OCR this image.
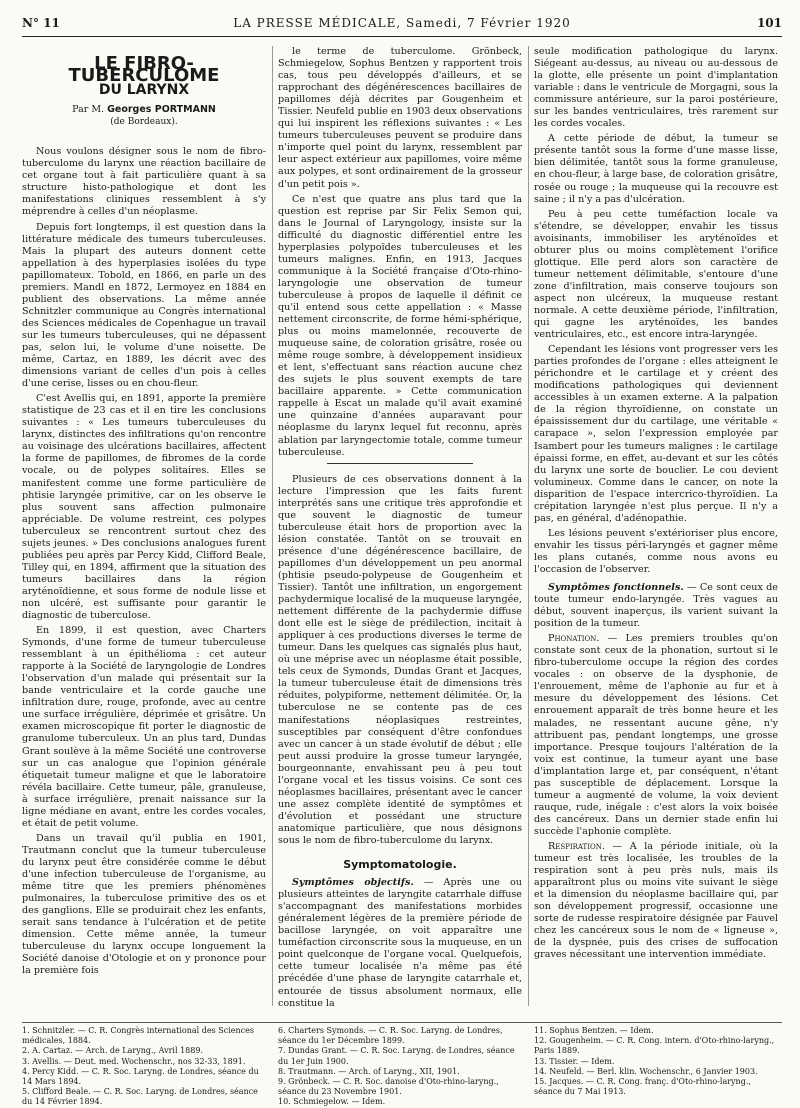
N° 11	LA PRESSE MÉDICALE, Samedi, 7 Février 1920	101
LE FIBRO-TUBERCULOME
DU LARYNX
Par M. Georges PORTMANN
(de Bordeaux).

Nous voulons désigner sous le nom de fibro-tuberculome du larynx une réaction bacillaire de cet organe tout à fait particulière quant à sa structure histo-pathologique et dont les manifestations cliniques ressemblent à s'y méprendre à celles d'un néoplasme.

Depuis fort longtemps, il est question dans la littérature médicale des tumeurs tuberculeuses. Mais la plupart des auteurs donnent cette appellation à des hyperplasies isolées du type papillomateux. Tobold, en 1866, en parle un des premiers. Mandl en 1872, Lermoyez en 1884 en publient des observations. La même année Schnitzler communique au Congrès international des Sciences médicales de Copenhague un travail sur les tumeurs tuberculeuses, qui ne dépassent pas, selon lui, le volume d'une noisette. De même, Cartaz, en 1889, les décrit avec des dimensions variant de celles d'un pois à celles d'une cerise, lisses ou en chou-fleur.

C'est Avellis qui, en 1891, apporte la première statistique de 23 cas et il en tire les conclusions suivantes : « Les tumeurs tuberculeuses du larynx, distinctes des infiltrations qu'on rencontre au voisinage des ulcérations bacillaires, affectent la forme de papillomes, de fibromes de la corde vocale, ou de polypes solitaires. Elles se manifestent comme une forme particulière de phtisie laryngée primitive, car on les observe le plus souvent sans affection pulmonaire appréciable. De volume restreint, ces polypes tuberculeux se rencontrent surtout chez des sujets jeunes. » Des conclusions analogues furent publiées peu après par Percy Kidd, Clifford Beale, Tilley qui, en 1894, affirment que la situation des tumeurs bacillaires dans la région aryténoïdienne, et sous forme de nodule lisse et non ulcéré, est suffisante pour garantir le diagnostic de tuberculose.

En 1899, il est question, avec Charters Symonds, d'une forme de tumeur tuberculeuse ressemblant à un épithélioma : cet auteur rapporte à la Société de laryngologie de Londres l'observation d'un malade qui présentait sur la bande ventriculaire et la corde gauche une infiltration dure, rouge, profonde, avec au centre une surface irrégulière, déprimée et grisâtre. Un examen microscopique fit porter le diagnostic de granulome tuberculeux. Un an plus tard, Dundas Grant soulève à la même Société une controverse sur un cas analogue que l'opinion générale étiquetait tumeur maligne et que le laboratoire révéla bacillaire. Cette tumeur, pâle, granuleuse, à surface irrégulière, prenait naissance sur la ligne médiane en avant, entre les cordes vocales, et était de petit volume.

Dans un travail qu'il publia en 1901, Trautmann conclut que la tumeur tuberculeuse du larynx peut être considérée comme le début d'une infection tuberculeuse de l'organisme, au même titre que les premiers phénomènes pulmonaires, la tuberculose primitive des os et des ganglions. Elle se produirait chez les enfants, serait sans tendance à l'ulcération et de petite dimension. Cette même année, la tumeur tuberculeuse du larynx occupe longuement la Société danoise d'Otologie et on y prononce pour la première fois

le terme de tuberculome. Grönbeck, Schmiegelow, Sophus Bentzen y rapportent trois cas, tous peu développés d'ailleurs, et se rapprochant des dégénérescences bacillaires de papillomes déjà décrites par Gougenheim et Tissier. Neufeld publie en 1903 deux observations qui lui inspirent les réflexions suivantes : « Les tumeurs tuberculeuses peuvent se produire dans n'importe quel point du larynx, ressemblent par leur aspect extérieur aux papillomes, voire même aux polypes, et sont ordinairement de la grosseur d'un petit pois ».

Ce n'est que quatre ans plus tard que la question est reprise par Sir Felix Semon qui, dans le Journal of Laryngology, insiste sur la difficulté du diagnostic différentiel entre les hyperplasies polypoïdes tuberculeuses et les tumeurs malignes. Enfin, en 1913, Jacques communique à la Société française d'Oto-rhino-laryngologie une observation de tumeur tuberculeuse à propos de laquelle il définit ce qu'il entend sous cette appellation : « Masse nettement circonscrite, de forme hémi-sphérique, plus ou moins mamelonnée, recouverte de muqueuse saine, de coloration grisâtre, rosée ou même rouge sombre, à développement insidieux et lent, s'effectuant sans réaction aucune chez des sujets le plus souvent exempts de tare bacillaire apparente. » Cette communication rappelle à Escat un malade qu'il avait examiné une quinzaine d'années auparavant pour néoplasme du larynx lequel fut reconnu, après ablation par laryngectomie totale, comme tumeur tuberculeuse.

Plusieurs de ces observations donnent à la lecture l'impression que les faits furent interprétés sans une critique très approfondie et que souvent le diagnostic de tumeur tuberculeuse était hors de proportion avec la lésion constatée. Tantôt on se trouvait en présence d'une dégénérescence bacillaire, de papillomes d'un développement un peu anormal (phtisie pseudo-polypeuse de Gougenheim et Tissier). Tantôt une infiltration, un engorgement pachydermique localisé de la muqueuse laryngée, nettement différente de la pachydermie diffuse dont elle est le siège de prédilection, incitait à appliquer à ces productions diverses le terme de tumeur. Dans les quelques cas signalés plus haut, où une méprise avec un néoplasme était possible, tels ceux de Symonds, Dundas Grant et Jacques, la tumeur tuberculeuse était de dimensions très réduites, polypiforme, nettement délimitée. Or, la tuberculose ne se contente pas de ces manifestations néoplasiques restreintes, susceptibles par conséquent d'être confondues avec un cancer à un stade évolutif de début ; elle peut aussi produire la grosse tumeur laryngée, bourgeonnante, envahissant peu à peu tout l'organe vocal et les tissus voisins. Ce sont ces néoplasmes bacillaires, présentant avec le cancer une assez complète identité de symptômes et d'évolution et possédant une structure anatomique particulière, que nous désignons sous le nom de fibro-tuberculome du larynx.

Symptomatologie.

Symptômes objectifs. — Après une ou plusieurs atteintes de laryngite catarrhale diffuse s'accompagnant des manifestations morbides généralement légères de la première période de bacillose laryngée, on voit apparaître une tuméfaction circonscrite sous la muqueuse, en un point quelconque de l'organe vocal. Quelquefois, cette tumeur localisée n'a même pas été précédée d'une phase de laryngite catarrhale et, entourée de tissus absolument normaux, elle constitue la

seule modification pathologique du larynx. Siégeant au-dessus, au niveau ou au-dessous de la glotte, elle présente un point d'implantation variable : dans le ventricule de Morgagni, sous la commissure antérieure, sur la paroi postérieure, sur les bandes ventriculaires, très rarement sur les cordes vocales.

A cette période de début, la tumeur se présente tantôt sous la forme d'une masse lisse, bien délimitée, tantôt sous la forme granuleuse, en chou-fleur, à large base, de coloration grisâtre, rosée ou rouge ; la muqueuse qui la recouvre est saine ; il n'y a pas d'ulcération.

Peu à peu cette tuméfaction locale va s'étendre, se développer, envahir les tissus avoisinants, immobiliser les aryténoïdes et obturer plus ou moins complètement l'orifice glottique. Elle perd alors son caractère de tumeur nettement délimitable, s'entoure d'une zone d'infiltration, mais conserve toujours son aspect non ulcéreux, la muqueuse restant normale. A cette deuxième période, l'infiltration, qui gagne les aryténoïdes, les bandes ventriculaires, etc., est encore intra-laryngée.

Cependant les lésions vont progresser vers les parties profondes de l'organe : elles atteignent le périchondre et le cartilage et y créent des modifications pathologiques qui deviennent accessibles à un examen externe. A la palpation de la région thyroïdienne, on constate un épaississement dur du cartilage, une véritable « carapace », selon l'expression employée par Isambert pour les tumeurs malignes : le cartilage épaissi forme, en effet, au-devant et sur les côtés du larynx une sorte de bouclier. Le cou devient volumineux. Comme dans le cancer, on note la disparition de l'espace intercrico-thyroïdien. La crépitation laryngée n'est plus perçue. Il n'y a pas, en général, d'adénopathie.

Les lésions peuvent s'extérioriser plus encore, envahir les tissus péri-laryngés et gagner même les plans cutanés, comme nous avons eu l'occasion de l'observer.

Symptômes fonctionnels. — Ce sont ceux de toute tumeur endo-laryngée. Très vagues au début, souvent inaperçus, ils varient suivant la position de la tumeur.

Phonation. — Les premiers troubles qu'on constate sont ceux de la phonation, surtout si le fibro-tuberculome occupe la région des cordes vocales : on observe de la dysphonie, de l'enrouement, même de l'aphonie au fur et à mesure du développement des lésions. Cet enrouement apparaît de très bonne heure et les malades, ne ressentant aucune gêne, n'y attribuent pas, pendant longtemps, une grosse importance. Presque toujours l'altération de la voix est continue, la tumeur ayant une base d'implantation large et, par conséquent, n'étant pas susceptible de déplacement. Lorsque la tumeur a augmenté de volume, la voix devient rauque, rude, inégale : c'est alors la voix boisée des cancéreux. Dans un dernier stade enfin lui succède l'aphonie complète.

Respiration. — A la période initiale, où la tumeur est très localisée, les troubles de la respiration sont à peu près nuls, mais ils apparaîtront plus ou moins vite suivant le siège et la dimension du néoplasme bacillaire qui, par son développement progressif, occasionne une sorte de rudesse respiratoire désignée par Fauvel chez les cancéreux sous le nom de « ligneuse », de la dyspnée, puis des crises de suffocation graves nécessitant une intervention immédiate.

1. Schnitzler. — C. R. Congrès international des Sciences médicales, 1884.
2. A. Cartaz. — Arch. de Laryng., Avril 1889.
3. Avellis. — Deut. med. Wochenschr., nos 32-33, 1891.
4. Percy Kidd. — C. R. Soc. Laryng. de Londres, séance du 14 Mars 1894.
5. Clifford Beale. — C. R. Soc. Laryng. de Londres, séance du 14 Février 1894.
6. Charters Symonds. — C. R. Soc. Laryng. de Londres, séance du 1er Décembre 1899.
7. Dundas Grant. — C. R. Soc. Laryng. de Londres, séance du 1er Juin 1900.
8. Trautmann. — Arch. of Laryng., XII, 1901.
9. Grönbeck. — C. R. Soc. danoise d'Oto-rhino-laryng., séance du 23 Novembre 1901.
10. Schmiegelow. — Idem.
11. Sophus Bentzen. — Idem.
12. Gougenheim. — C. R. Cong. intern. d'Oto-rhino-laryng., Paris 1889.
13. Tissier. — Idem.
14. Neufeld. — Berl. klin. Wochenschr., 6 Janvier 1903.
15. Jacques. — C. R. Cong. franç. d'Oto-rhino-laryng., séance du 7 Mai 1913.
